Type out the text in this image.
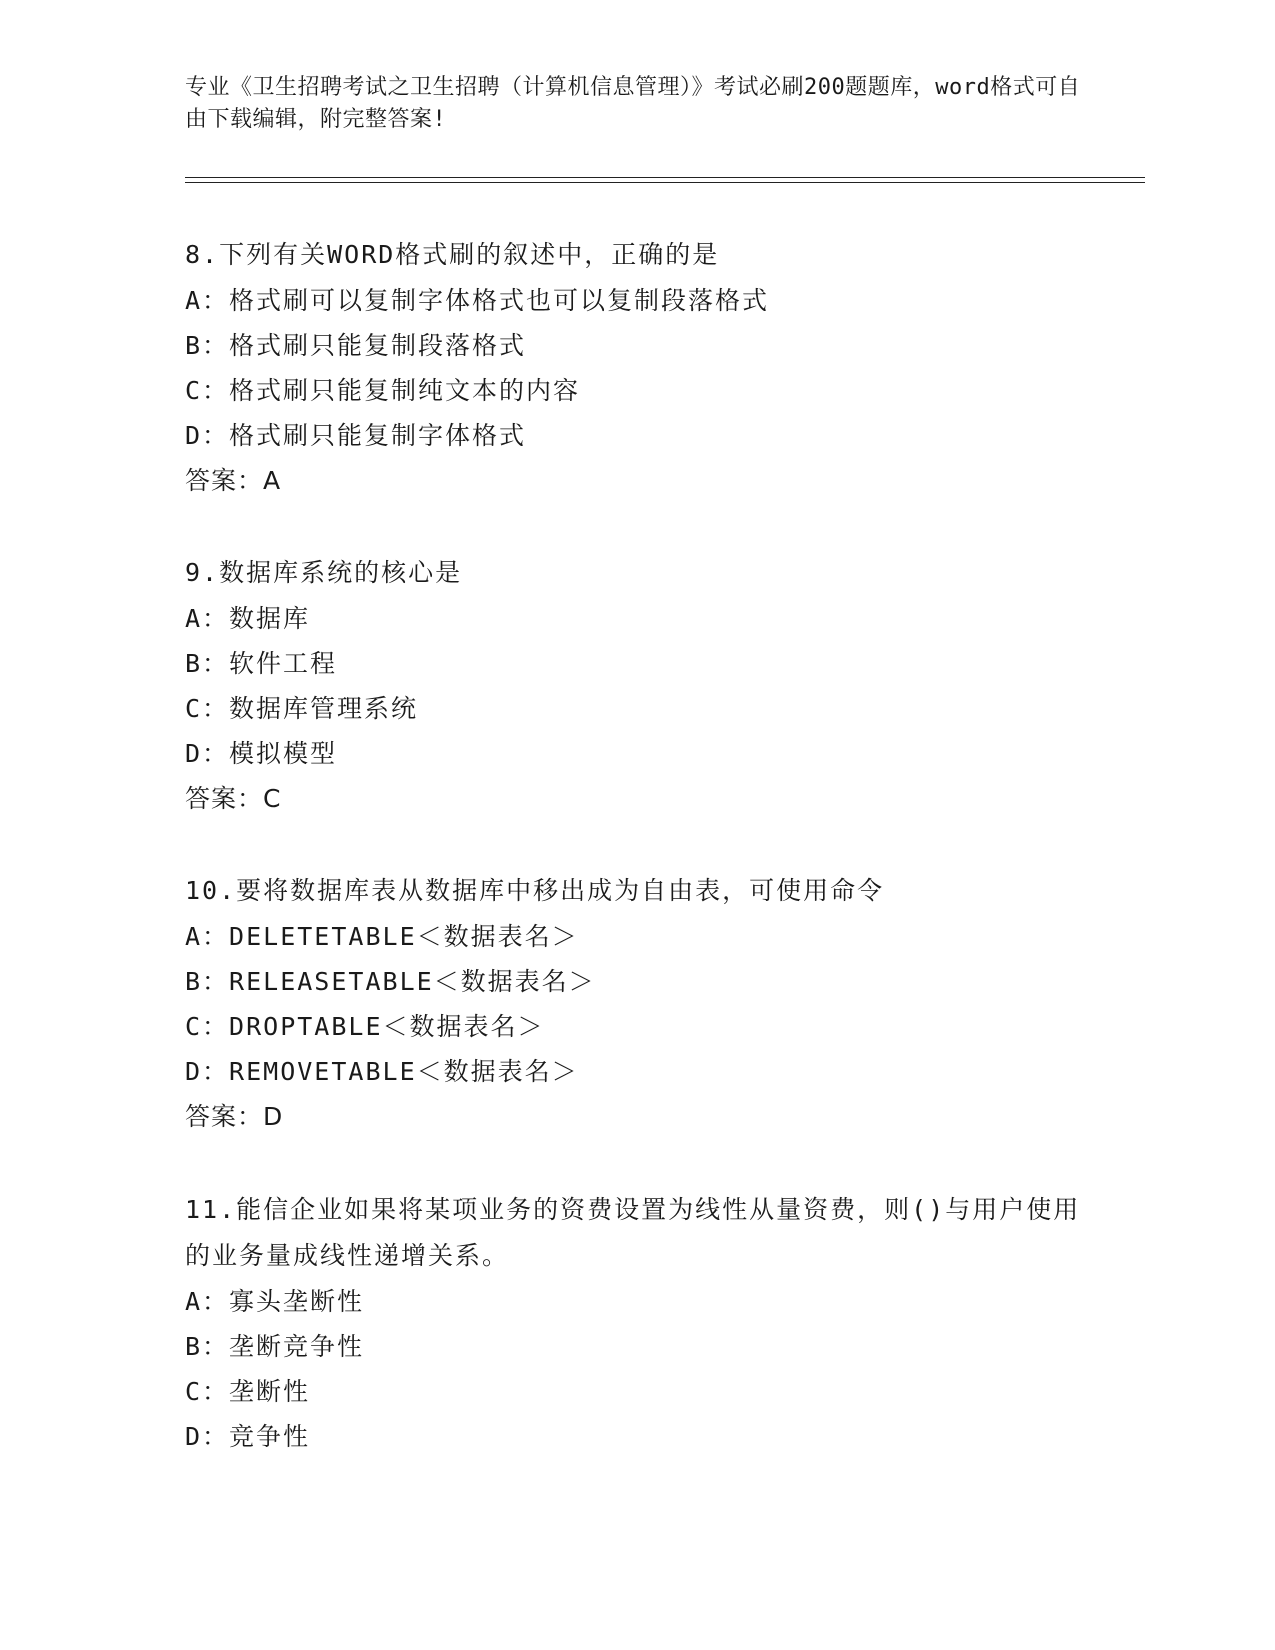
专业《卫生招聘考试之卫生招聘（计算机信息管理）》考试必刷200题题库，word格式可自由下载编辑，附完整答案!

8.下列有关WORD格式刷的叙述中，正确的是

A：格式刷可以复制字体格式也可以复制段落格式

B：格式刷只能复制段落格式

C：格式刷只能复制纯文本的内容

D：格式刷只能复制字体格式

答案：A

9.数据库系统的核心是

A：数据库

B：软件工程

C：数据库管理系统

D：模拟模型

答案：C

10.要将数据库表从数据库中移出成为自由表，可使用命令

A：DELETETABLE＜数据表名＞

B：RELEASETABLE＜数据表名＞

C：DROPTABLE＜数据表名＞

D：REMOVETABLE＜数据表名＞

答案：D

11.能信企业如果将某项业务的资费设置为线性从量资费，则()与用户使用的业务量成线性递增关系。

A：寡头垄断性

B：垄断竞争性

C：垄断性

D：竞争性
